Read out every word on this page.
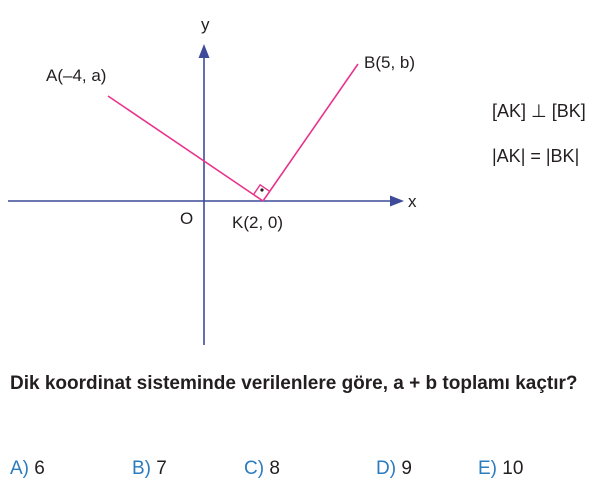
y
x
O
A(–4, a)
B(5, b)
K(2, 0)
[AK] ⊥ [BK]
|AK| = |BK|
Dik koordinat sisteminde verilenlere göre, a + b toplamı kaçtır?
A) 6	B) 7	C) 8	D) 9	E) 10
